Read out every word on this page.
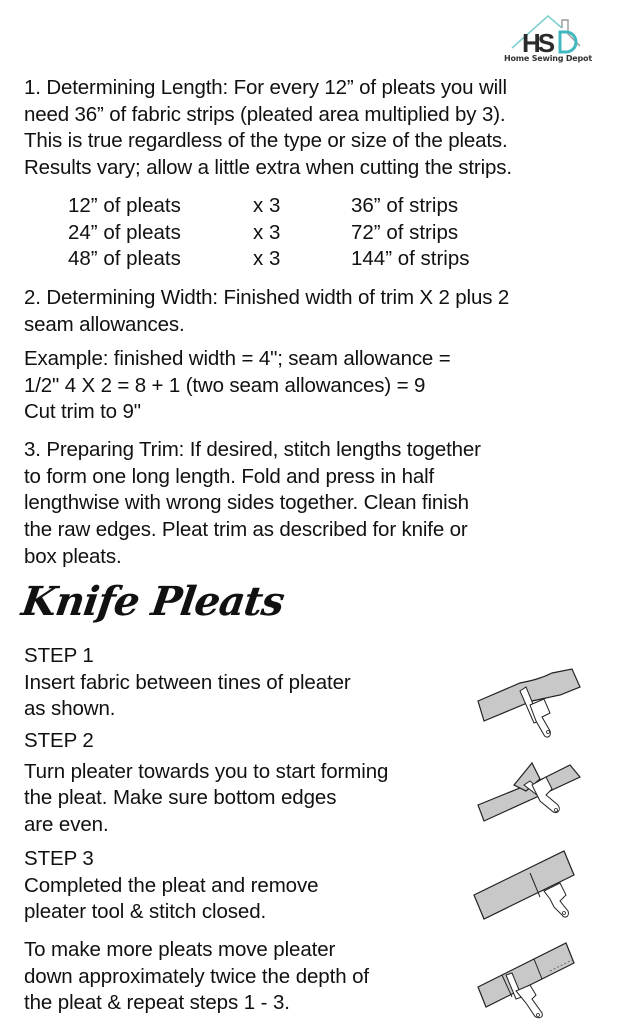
HS
Home Sewing Depot
1. Determining Length: For every 12” of pleats you will
need 36” of fabric strips (pleated area multiplied by 3).
This is true regardless of the type or size of the pleats.
Results vary; allow a little extra when cutting the strips.
12” of pleats	x 3	36” of strips
24” of pleats	x 3	72” of strips
48” of pleats	x 3	144” of strips
2. Determining Width: Finished width of trim X 2 plus 2
seam allowances.
Example: finished width = 4"; seam allowance =
1/2" 4 X 2 = 8 + 1 (two seam allowances) = 9
Cut trim to 9"
3. Preparing Trim: If desired, stitch lengths together
to form one long length. Fold and press in half
lengthwise with wrong sides together. Clean finish
the raw edges. Pleat trim as described for knife or
box pleats.
Knife Pleats
STEP 1
Insert fabric between tines of pleater
as shown.
STEP 2
Turn pleater towards you to start forming
the pleat. Make sure bottom edges
are even.
STEP 3
Completed the pleat and remove
pleater tool & stitch closed.
To make more pleats move pleater
down approximately twice the depth of
the pleat & repeat steps 1 - 3.
